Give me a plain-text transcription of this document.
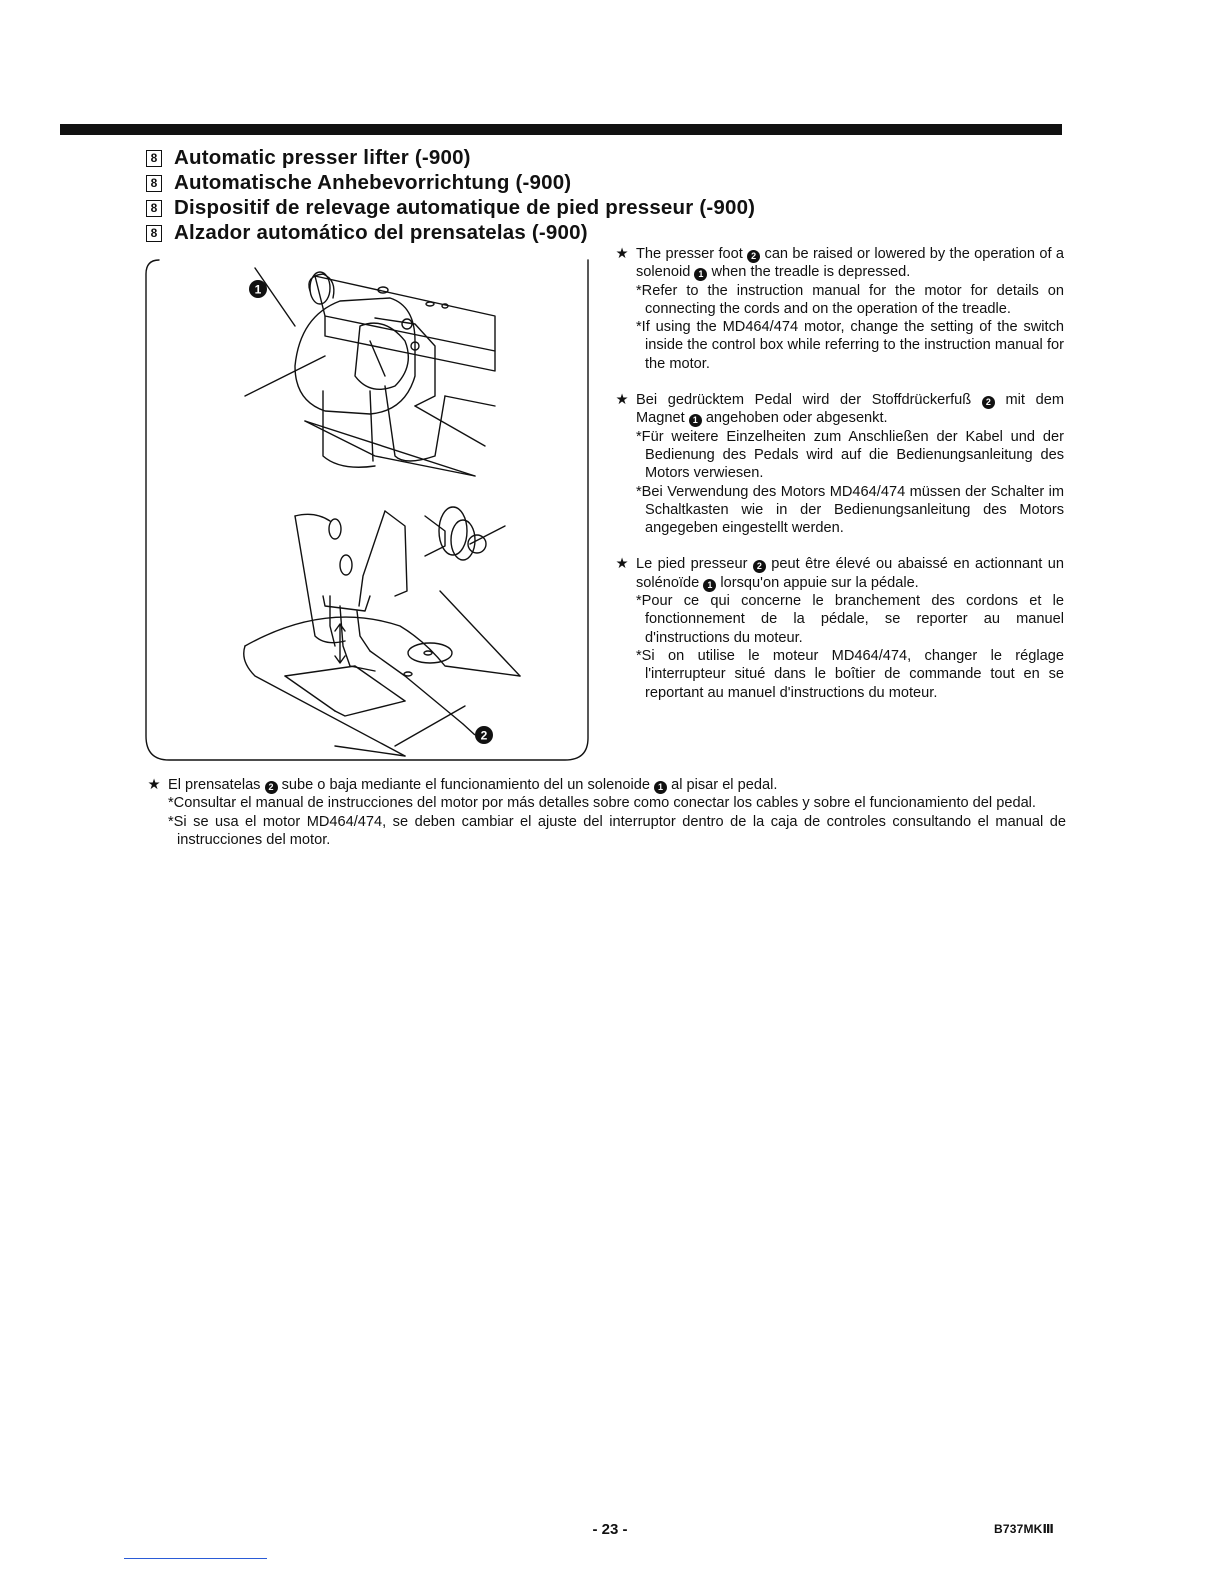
8 Automatic presser lifter (-900)
8 Automatische Anhebevorrichtung (-900)
8 Dispositif de relevage automatique de pied presseur (-900)
8 Alzador automático del prensatelas (-900)
1
2
★ The presser foot 2 can be raised or lowered by the operation of a solenoid 1 when the treadle is depressed.
*Refer to the instruction manual for the motor for details on connecting the cords and on the operation of the treadle.
*If using the MD464/474 motor, change the setting of the switch inside the control box while referring to the instruction manual for the motor.
★ Bei gedrücktem Pedal wird der Stoffdrückerfuß 2 mit dem Magnet 1 angehoben oder abgesenkt.
*Für weitere Einzelheiten zum Anschließen der Kabel und der Bedienung des Pedals wird auf die Bedienungsanleitung des Motors verwiesen.
*Bei Verwendung des Motors MD464/474 müssen der Schalter im Schaltkasten wie in der Bedienungsanleitung des Motors angegeben eingestellt werden.
★ Le pied presseur 2 peut être élevé ou abaissé en actionnant un solénoïde 1 lorsqu'on appuie sur la pédale.
*Pour ce qui concerne le branchement des cordons et le fonctionnement de la pédale, se reporter au manuel d'instructions du moteur.
*Si on utilise le moteur MD464/474, changer le réglage l'interrupteur situé dans le boîtier de commande tout en se reportant au manuel d'instructions du moteur.
★ El prensatelas 2 sube o baja mediante el funcionamiento del un solenoide 1 al pisar el pedal.
*Consultar el manual de instrucciones del motor por más detalles sobre como conectar los cables y sobre el funcionamiento del pedal.
*Si se usa el motor MD464/474, se deben cambiar el ajuste del interruptor dentro de la caja de controles consultando el manual de instrucciones del motor.
- 23 -	B737MKⅢ
